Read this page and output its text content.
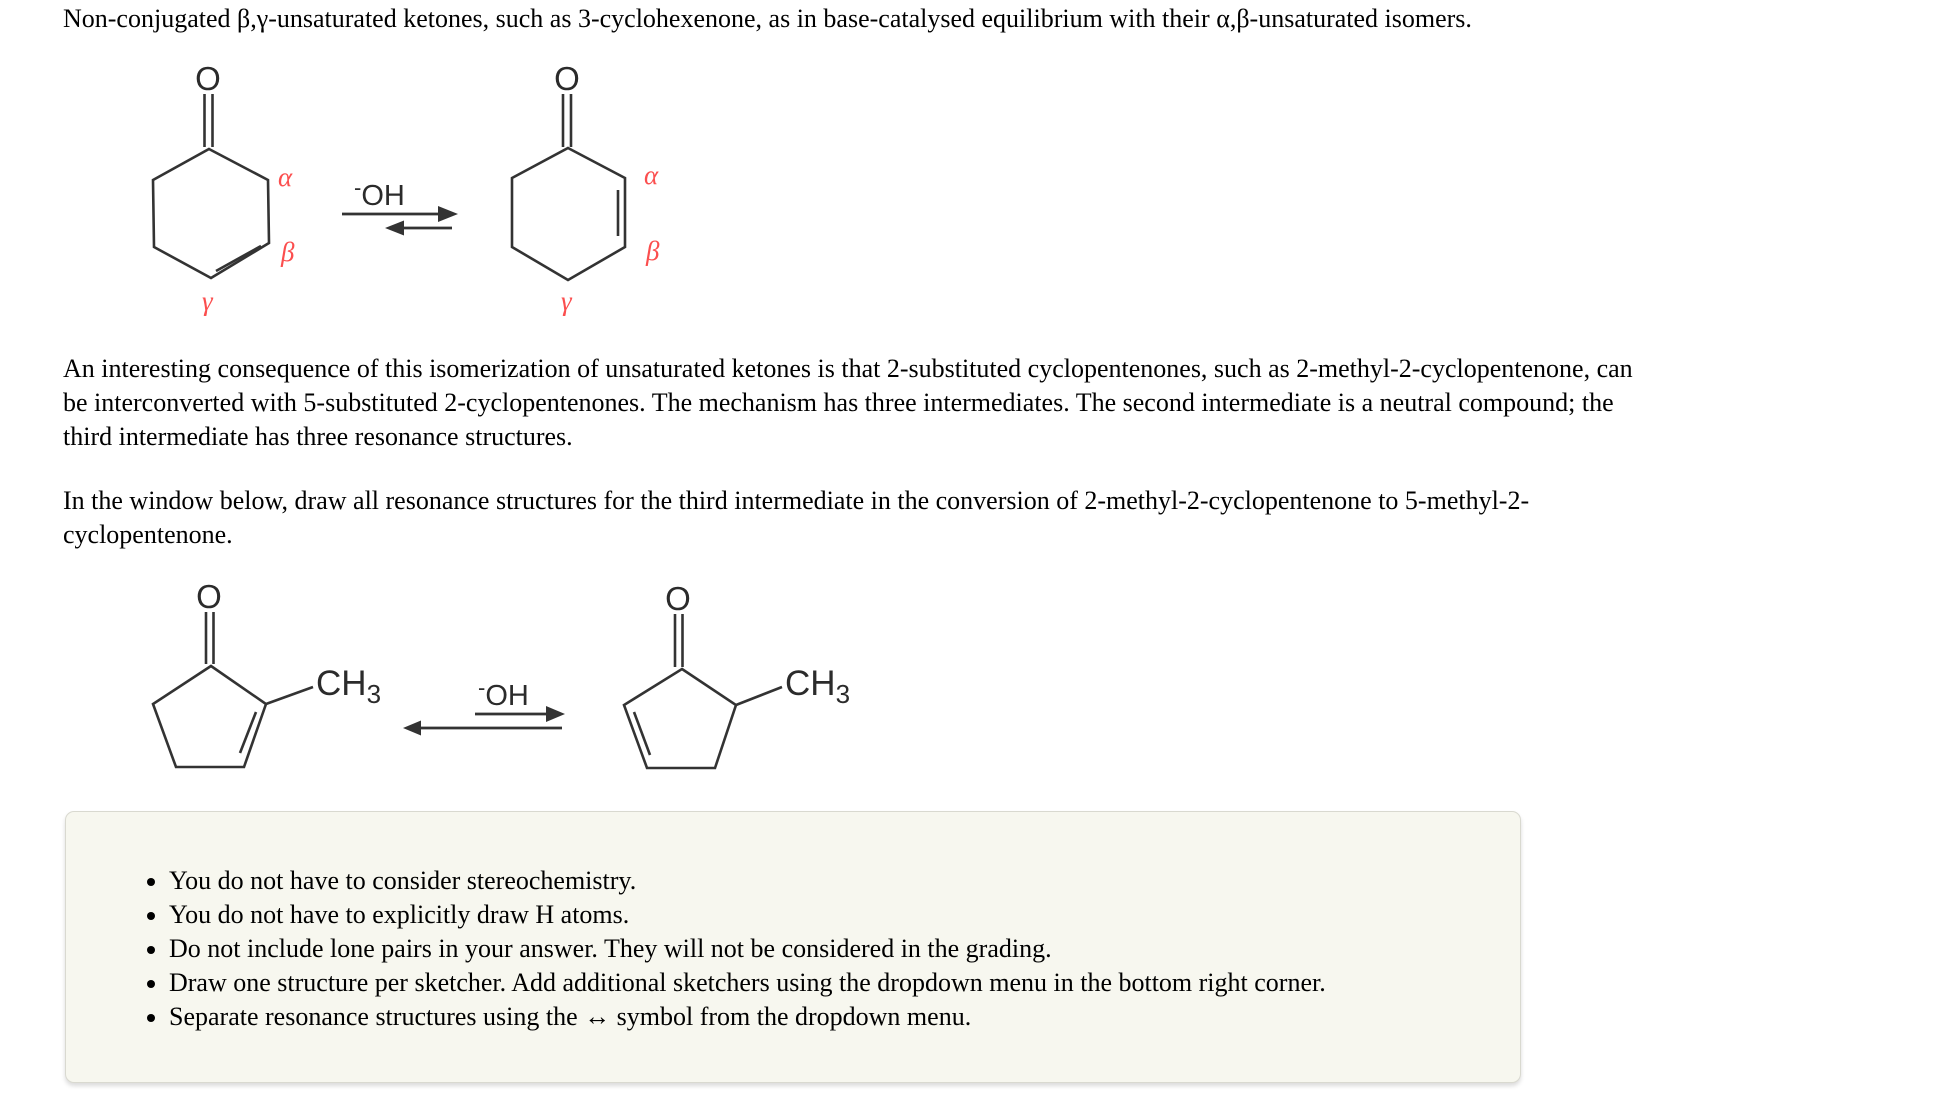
Non-conjugated β,γ-unsaturated ketones, such as 3-cyclohexenone, as in base-catalysed equilibrium with their α,β-unsaturated isomers.
O
α
β
γ
-OH
O
α
β
γ
An interesting consequence of this isomerization of unsaturated ketones is that 2-substituted cyclopentenones, such as 2-methyl-2-cyclopentenone, can
be interconverted with 5-substituted 2-cyclopentenones. The mechanism has three intermediates. The second intermediate is a neutral compound; the
third intermediate has three resonance structures.
In the window below, draw all resonance structures for the third intermediate in the conversion of 2-methyl-2-cyclopentenone to 5-methyl-2-
cyclopentenone.
O
$CH_3$	-OH
O
$CH_3$
• You do not have to consider stereochemistry.
• You do not have to explicitly draw H atoms.
• Do not include lone pairs in your answer. They will not be considered in the grading.
• Draw one structure per sketcher. Add additional sketchers using the dropdown menu in the bottom right corner.
• Separate resonance structures using the ↔ symbol from the dropdown menu.
